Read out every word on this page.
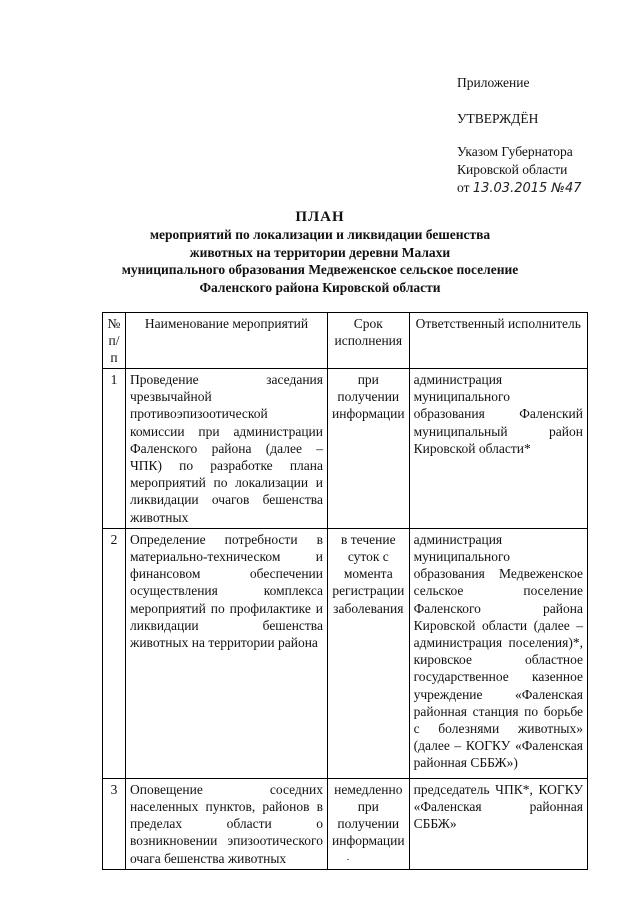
Приложение
УТВЕРЖДЁН
Указом Губернатора
Кировской области
от 13.03.2015 №47
ПЛАН
мероприятий по локализации и ликвидации бешенства
животных на территории деревни Малахи
муниципального образования Медвеженское сельское поселение
Фаленского района Кировской области
№ п/п	Наименование мероприятий	Срок исполнения	Ответственный исполнитель
1	Проведение заседания чрезвычайной противоэпизоотической комиссии при администрации Фаленского района (далее – ЧПК) по разработке плана мероприятий по локализации и ликвидации очагов бешенства животных	при получении информации	администрация муниципального образования Фаленский муниципальный район Кировской области*
2	Определение потребности в материально-техническом и финансовом обеспечении осуществления комплекса мероприятий по профилактике и ликвидации бешенства животных на территории района	в течение суток с момента регистрации заболевания	администрация муниципального образования Медвеженское сельское поселение Фаленского района Кировской области (далее – администрация поселения)*, кировское областное государственное казенное учреждение «Фаленская районная станция по борьбе с болезнями животных» (далее – КОГКУ «Фаленская районная СББЖ»)
3	Оповещение соседних населенных пунктов, районов в пределах области о возникновении эпизоотического очага бешенства животных	немедленно при получении информации	председатель ЧПК*, КОГКУ «Фаленская районная СББЖ»
